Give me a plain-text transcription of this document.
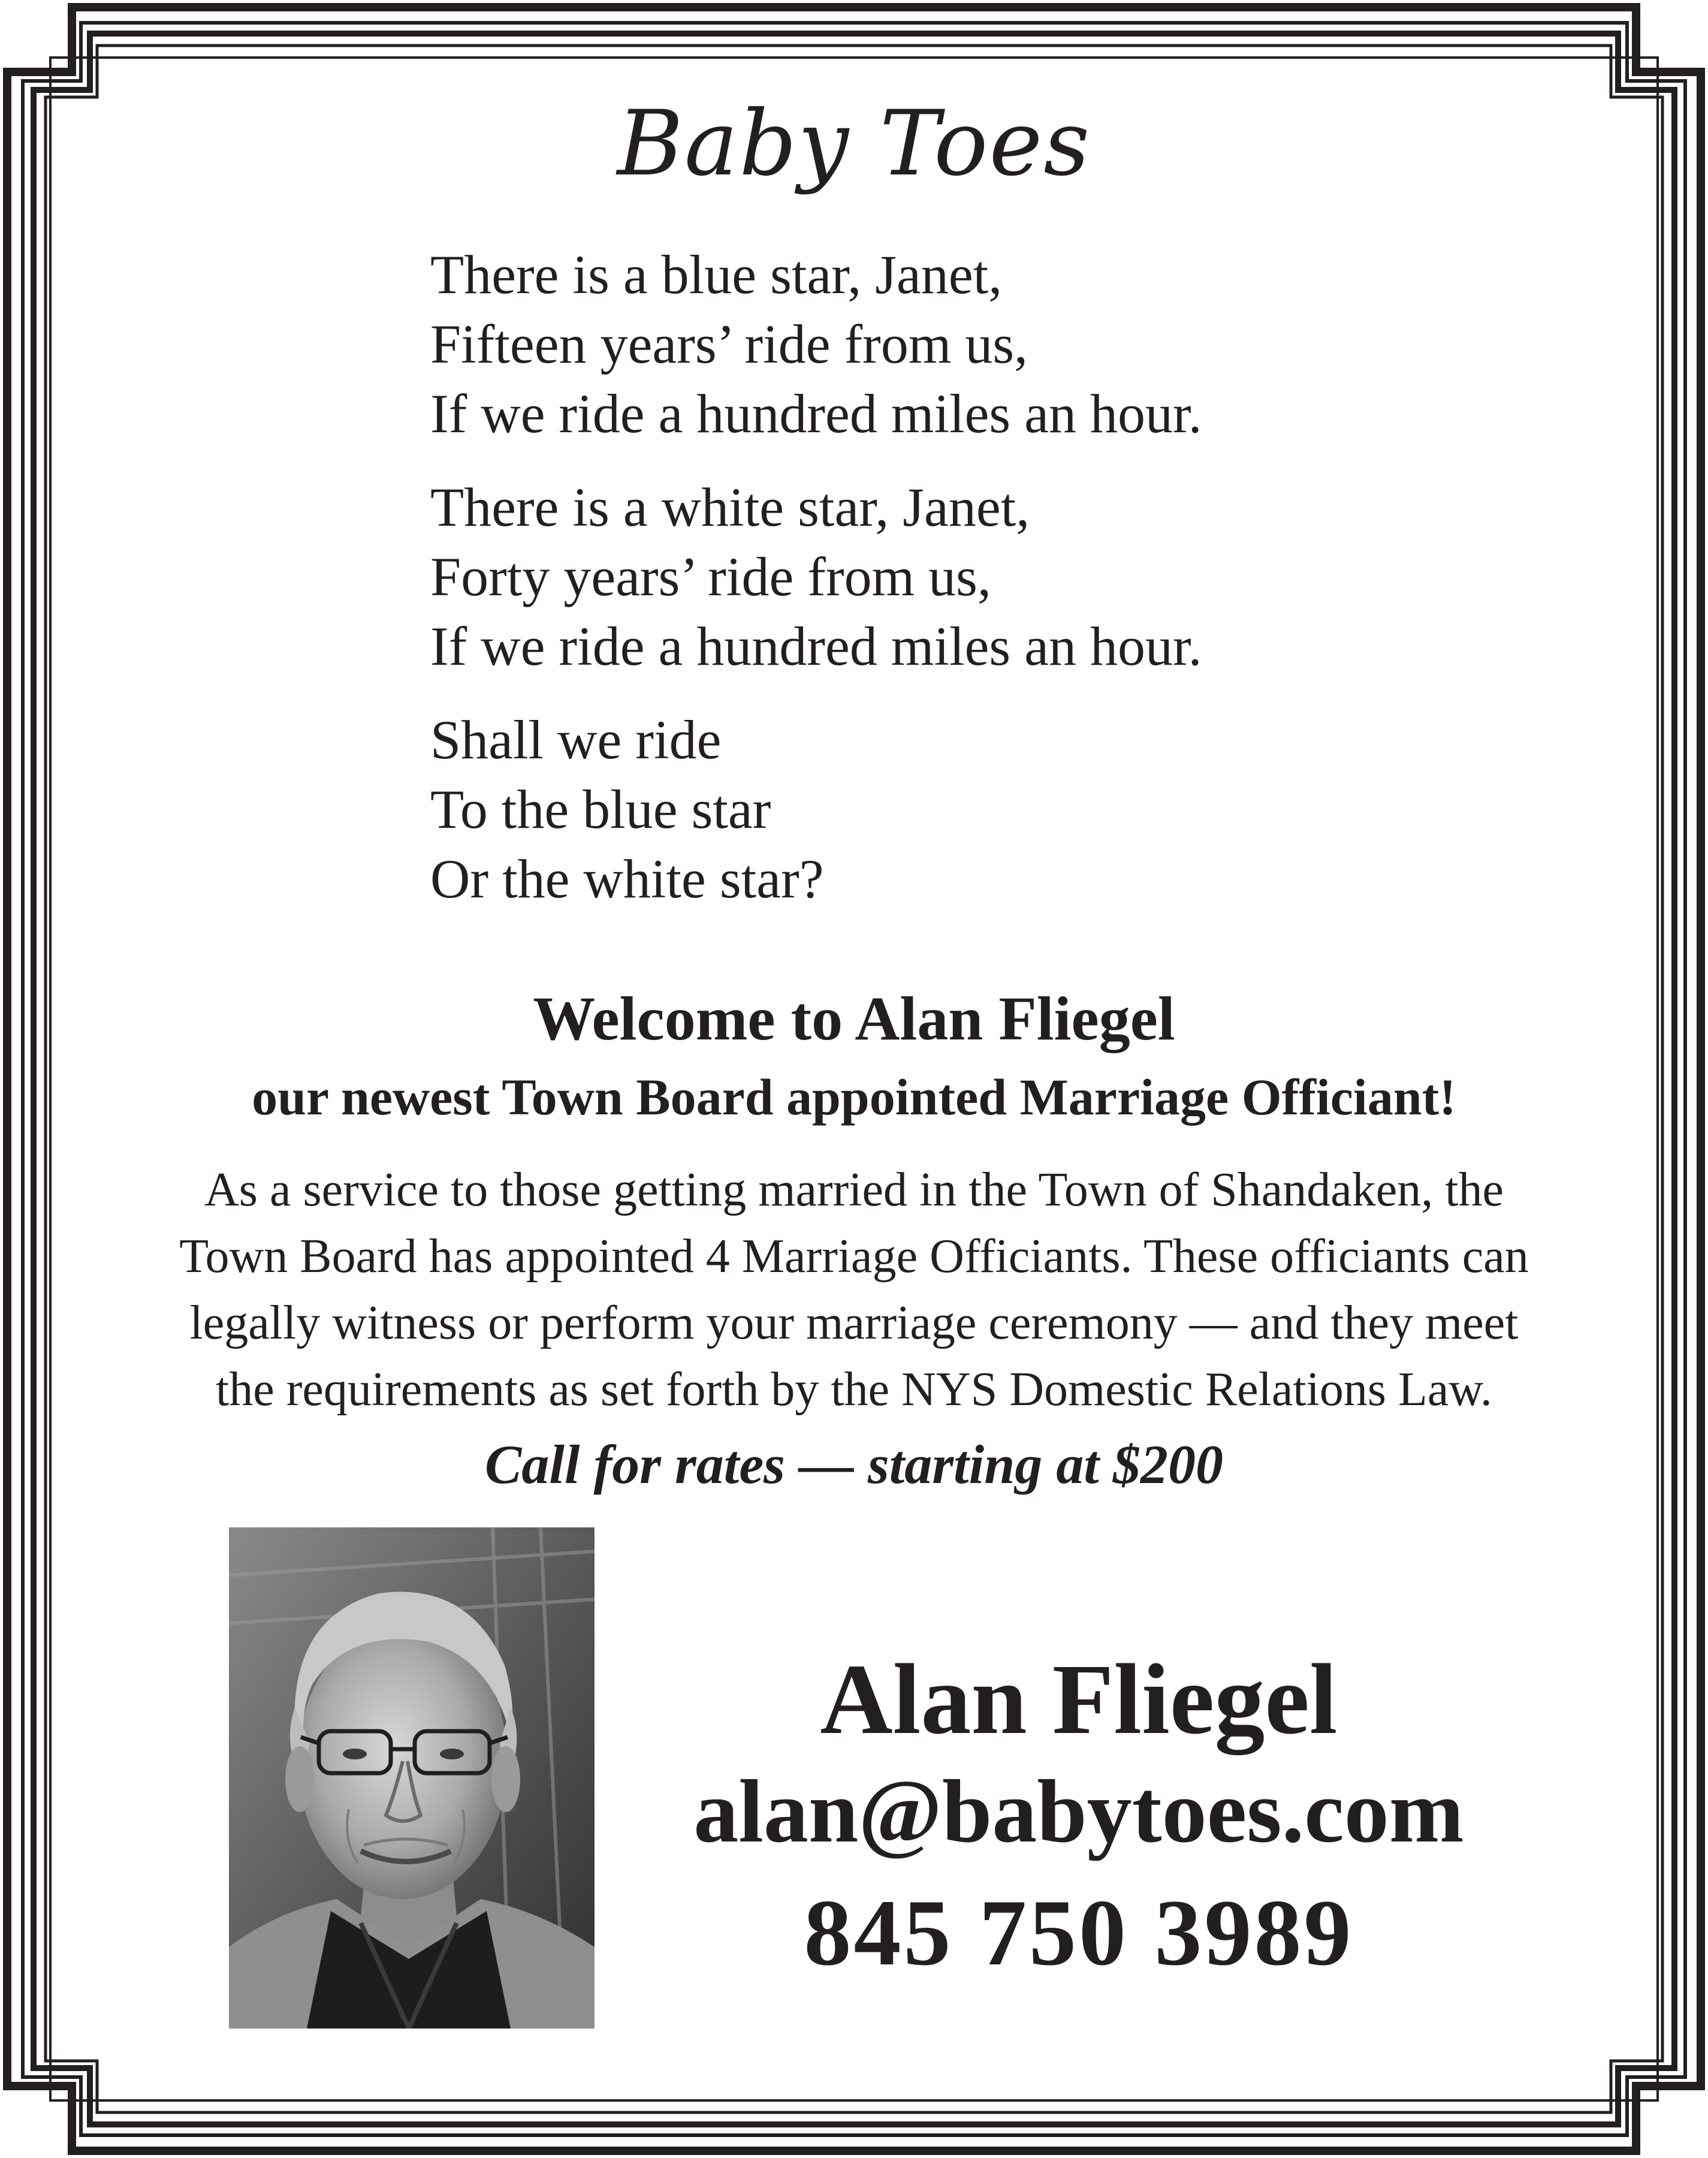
Baby Toes
There is a blue star, Janet,
Fifteen years’ ride from us,
If we ride a hundred miles an hour.
There is a white star, Janet,
Forty years’ ride from us,
If we ride a hundred miles an hour.
Shall we ride
To the blue star
Or the white star?
Welcome to Alan Fliegel
our newest Town Board appointed Marriage Officiant!
As a service to those getting married in the Town of Shandaken, the
Town Board has appointed 4 Marriage Officiants. These officiants can
legally witness or perform your marriage ceremony — and they meet
the requirements as set forth by the NYS Domestic Relations Law.
Call for rates — starting at $200
Alan Fliegel
alan@babytoes.com
845 750 3989
